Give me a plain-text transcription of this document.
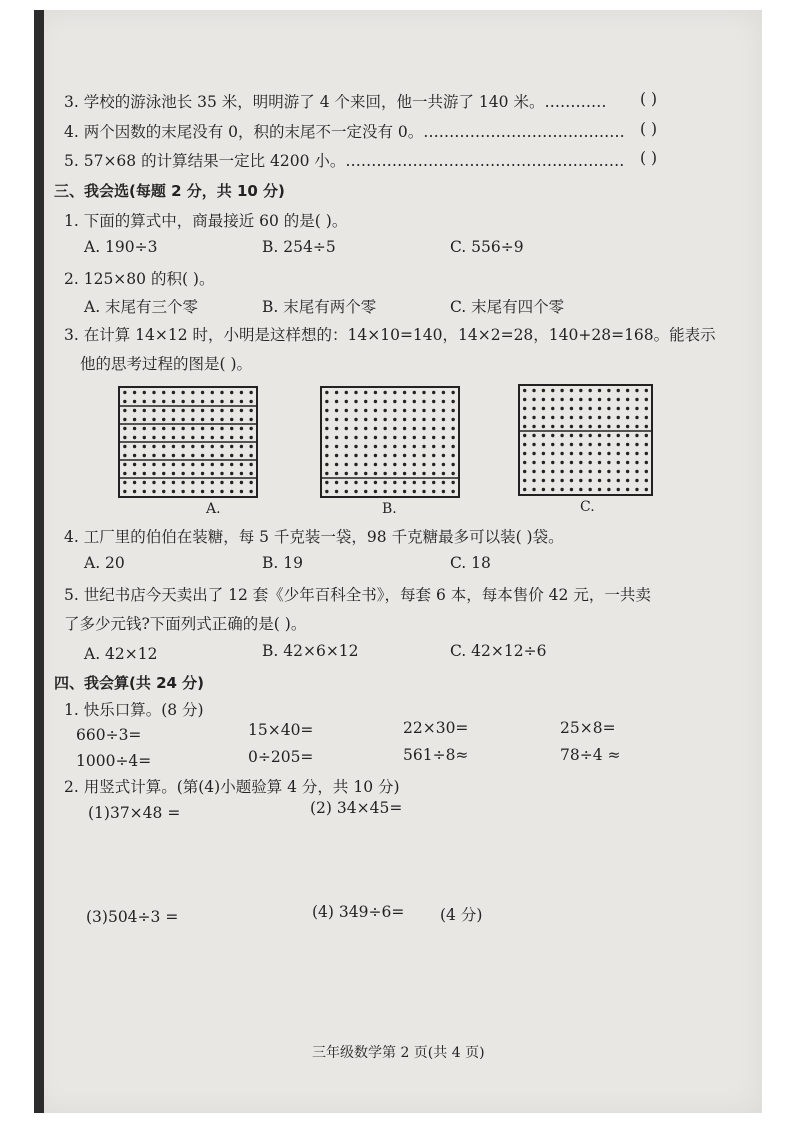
3. 学校的游泳池长 35 米，明明游了 4 个来回，他一共游了 140 米。………… ( )
4. 两个因数的末尾没有 0，积的末尾不一定没有 0。………………………………… ( )
5. 57×68 的计算结果一定比 4200 小。……………………………………………… ( )
三、我会选(每题 2 分，共 10 分)
1. 下面的算式中，商最接近 60 的是( )。
A. 190÷3	B. 254÷5	C. 556÷9
2. 125×80 的积( )。
A. 末尾有三个零	B. 末尾有两个零	C. 末尾有四个零
3. 在计算 14×12 时，小明是这样想的：14×10=140，14×2=28，140+28=168。能表示
他的思考过程的图是( )。
A.	B.	C.
4. 工厂里的伯伯在装糖，每 5 千克装一袋，98 千克糖最多可以装( )袋。
A. 20	B. 19	C. 18
5. 世纪书店今天卖出了 12 套《少年百科全书》，每套 6 本，每本售价 42 元，一共卖
了多少元钱?下面列式正确的是( )。
A. 42×12	B. 42×6×12	C. 42×12÷6
四、我会算(共 24 分)
1. 快乐口算。(8 分)
660÷3=	15×40=	22×30=	25×8=
1000÷4=	0÷205=	561÷8≈	78÷4 ≈
2. 用竖式计算。(第(4)小题验算 4 分，共 10 分)
(1)37×48 =	(2) 34×45=
(3)504÷3 =	(4) 349÷6= (4 分)
三年级数学第 2 页(共 4 页)
